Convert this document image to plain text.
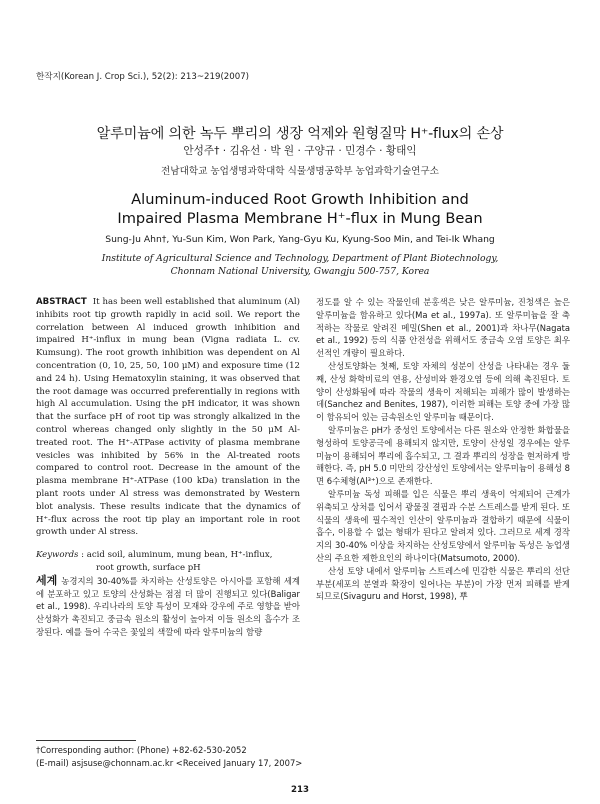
한작지(Korean J. Crop Sci.), 52(2): 213~219(2007)
알루미늄에 의한 녹두 뿌리의 생장 억제와 원형질막 H⁺-flux의 손상
안성주† · 김유선 · 박 원 · 구양규 · 민경수 · 황태익
전남대학교 농업생명과학대학 식물생명공학부 농업과학기술연구소
Aluminum-induced Root Growth Inhibition and
Impaired Plasma Membrane H⁺-flux in Mung Bean
Sung-Ju Ahn†, Yu-Sun Kim, Won Park, Yang-Gyu Ku, Kyung-Soo Min, and Tei-Ik Whang
Institute of Agricultural Science and Technology, Department of Plant Biotechnology,
Chonnam National University, Gwangju 500-757, Korea

ABSTRACT It has been well established that aluminum (Al) inhibits root tip growth rapidly in acid soil. We report the correlation between Al induced growth inhibition and impaired H⁺-influx in mung bean (Vigna radiata L. cv. Kumsung). The root growth inhibition was dependent on Al concentration (0, 10, 25, 50, 100 μM) and exposure time (12 and 24 h). Using Hematoxylin staining, it was observed that the root damage was occurred preferentially in regions with high Al accumulation. Using the pH indicator, it was shown that the surface pH of root tip was strongly alkalized in the control whereas changed only slightly in the 50 μM Al-treated root. The H⁺-ATPase activity of plasma membrane vesicles was inhibited by 56% in the Al-treated roots compared to control root. Decrease in the amount of the plasma membrane H⁺-ATPase (100 kDa) translation in the plant roots under Al stress was demonstrated by Western blot analysis. These results indicate that the dynamics of H⁺-flux across the root tip play an important role in root growth under Al stress.

Keywords : acid soil, aluminum, mung bean, H⁺-influx,
root growth, surface pH

세계 농경지의 30-40%를 차지하는 산성토양은 아시아를 포함해 세계에 분포하고 있고 토양의 산성화는 점점 더 많이 진행되고 있다(Baligar et al., 1998). 우리나라의 토양 특성이 모재와 강우에 주로 영향을 받아 산성화가 촉진되고 중금속 원소의 활성이 높아져 이들 원소의 흡수가 조장된다. 예를 들어 수국은 꽃잎의 색깔에 따라 알루미늄의 함량

정도를 알 수 있는 작물인데 분홍색은 낮은 알루미늄, 진청색은 높은 알루미늄을 함유하고 있다(Ma et al., 1997a). 또 알루미늄을 잘 축적하는 작물로 알려진 메밀(Shen et al., 2001)과 차나무(Nagata et al., 1992) 등의 식품 안전성을 위해서도 중금속 오염 토양은 최우선적인 개량이 필요하다.

산성토양화는 첫째, 토양 자체의 성분이 산성을 나타내는 경우 둘째, 산성 화학비료의 연용, 산성비와 환경오염 등에 의해 촉진된다. 토양이 산성화됨에 따라 작물의 생육이 저해되는 피해가 많이 발생하는데(Sanchez and Benites, 1987), 이러한 피해는 토양 중에 가장 많이 함유되어 있는 금속원소인 알루미늄 때문이다.

알루미늄은 pH가 중성인 토양에서는 다른 원소와 안정한 화합물을 형성하여 토양공극에 용해되지 않지만, 토양이 산성일 경우에는 알루미늄이 용해되어 뿌리에 흡수되고, 그 결과 뿌리의 성장을 현저하게 방해한다. 즉, pH 5.0 미만의 강산성인 토양에서는 알루미늄이 용해성 8면 6수체형(Al³⁺)으로 존재한다.

알루미늄 독성 피해를 입은 식물은 뿌리 생육이 억제되어 근계가 위축되고 상처를 입어서 광물질 결핍과 수분 스트레스를 받게 된다. 또 식물의 생육에 필수적인 인산이 알루미늄과 결합하기 때문에 식물이 흡수, 이용할 수 없는 형태가 된다고 알려져 있다. 그러므로 세계 경작지의 30-40% 이상을 차지하는 산성토양에서 알루미늄 독성은 농업생산의 주요한 제한요인의 하나이다(Matsumoto, 2000).

산성 토양 내에서 알루미늄 스트레스에 민감한 식물은 뿌리의 선단 부분(세포의 분열과 확장이 일어나는 부분)이 가장 먼저 피해를 받게 되므로(Sivaguru and Horst, 1998), 뿌

†Corresponding author: (Phone) +82-62-530-2052

(E-mail) asjsuse@chonnam.ac.kr <Received January 17, 2007>

213
